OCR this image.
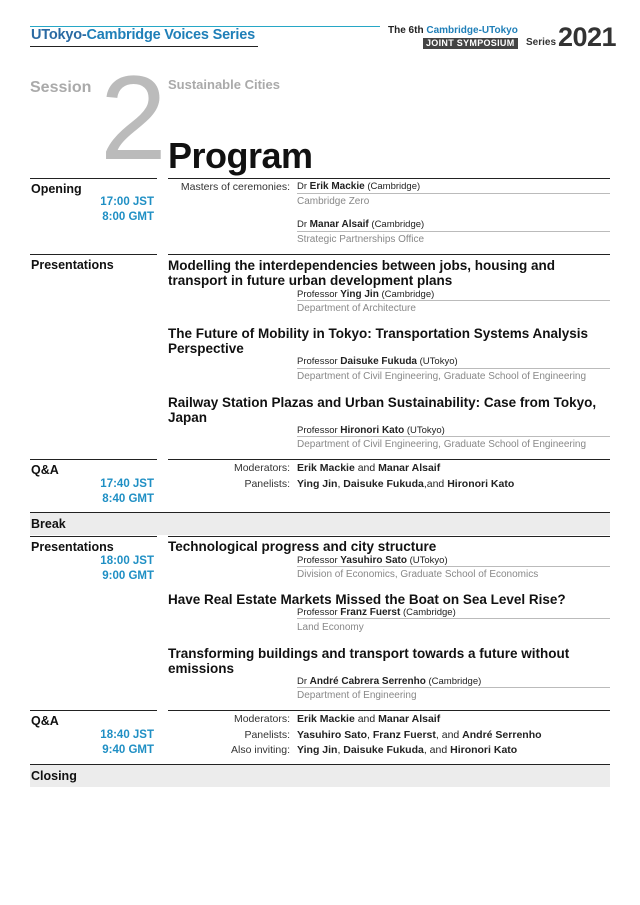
UTokyo-Cambridge Voices Series	The 6th Cambridge-UTokyo
JOINT SYMPOSIUM	Series 2021
Session 2 Sustainable Cities
Program
Opening
17:00 JST
8:00 GMT
Masters of ceremonies: Dr Erik Mackie (Cambridge)
Cambridge Zero
Dr Manar Alsaif (Cambridge)
Strategic Partnerships Office
Presentations	Modelling the interdependencies between jobs, housing and transport in future urban development plans
Professor Ying Jin (Cambridge)
Department of Architecture
The Future of Mobility in Tokyo: Transportation Systems Analysis Perspective
Professor Daisuke Fukuda (UTokyo)
Department of Civil Engineering, Graduate School of Engineering
Railway Station Plazas and Urban Sustainability: Case from Tokyo, Japan
Professor Hironori Kato (UTokyo)
Department of Civil Engineering, Graduate School of Engineering
Q&A
17:40 JST
8:40 GMT
Moderators: Erik Mackie and Manar Alsaif
Panelists: Ying Jin, Daisuke Fukuda,and Hironori Kato
Break
Presentations
18:00 JST
9:00 GMT
Technological progress and city structure
Professor Yasuhiro Sato (UTokyo)
Division of Economics, Graduate School of Economics
Have Real Estate Markets Missed the Boat on Sea Level Rise?
Professor Franz Fuerst (Cambridge)
Land Economy
Transforming buildings and transport towards a future without emissions
Dr André Cabrera Serrenho (Cambridge)
Department of Engineering
Q&A
18:40 JST
9:40 GMT
Moderators: Erik Mackie and Manar Alsaif
Panelists: Yasuhiro Sato, Franz Fuerst, and André Serrenho
Also inviting: Ying Jin, Daisuke Fukuda, and Hironori Kato
Closing
